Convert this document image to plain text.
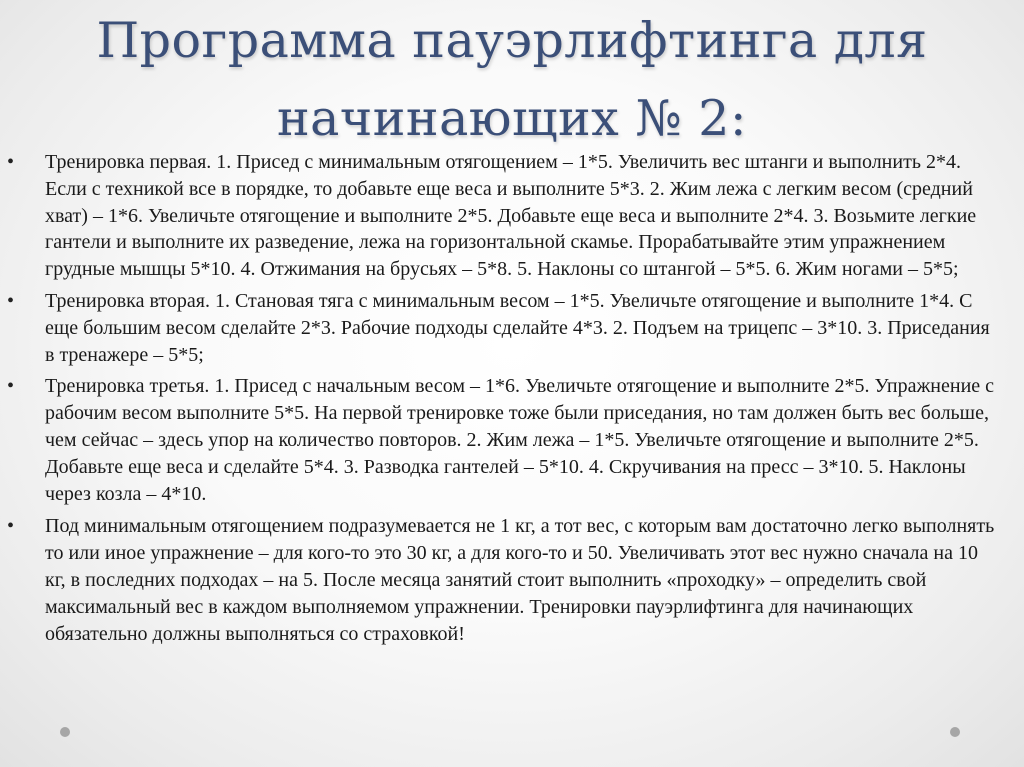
Программа пауэрлифтинга для
начинающих № 2:
• Тренировка первая. 1. Присед с минимальным отягощением – 1*5. Увеличить вес штанги и выполнить 2*4. Если с техникой все в порядке, то добавьте еще веса и выполните 5*3. 2. Жим лежа с легким весом (средний хват) – 1*6. Увеличьте отягощение и выполните 2*5. Добавьте еще веса и выполните 2*4. 3. Возьмите легкие гантели и выполните их разведение, лежа на горизонтальной скамье. Прорабатывайте этим упражнением грудные мышцы 5*10. 4. Отжимания на брусьях – 5*8. 5. Наклоны со штангой – 5*5. 6. Жим ногами – 5*5;
• Тренировка вторая. 1. Становая тяга с минимальным весом – 1*5. Увеличьте отягощение и выполните 1*4. С еще большим весом сделайте 2*3. Рабочие подходы сделайте 4*3. 2. Подъем на трицепс – 3*10. 3. Приседания в тренажере – 5*5;
• Тренировка третья. 1. Присед с начальным весом – 1*6. Увеличьте отягощение и выполните 2*5. Упражнение с рабочим весом выполните 5*5. На первой тренировке тоже были приседания, но там должен быть вес больше, чем сейчас – здесь упор на количество повторов. 2. Жим лежа – 1*5. Увеличьте отягощение и выполните 2*5. Добавьте еще веса и сделайте 5*4. 3. Разводка гантелей – 5*10. 4. Скручивания на пресс – 3*10. 5. Наклоны через козла – 4*10.
• Под минимальным отягощением подразумевается не 1 кг, а тот вес, с которым вам достаточно легко выполнять то или иное упражнение – для кого-то это 30 кг, а для кого-то и 50. Увеличивать этот вес нужно сначала на 10 кг, в последних подходах – на 5. После месяца занятий стоит выполнить «проходку» – определить свой максимальный вес в каждом выполняемом упражнении. Тренировки пауэрлифтинга для начинающих обязательно должны выполняться со страховкой!
